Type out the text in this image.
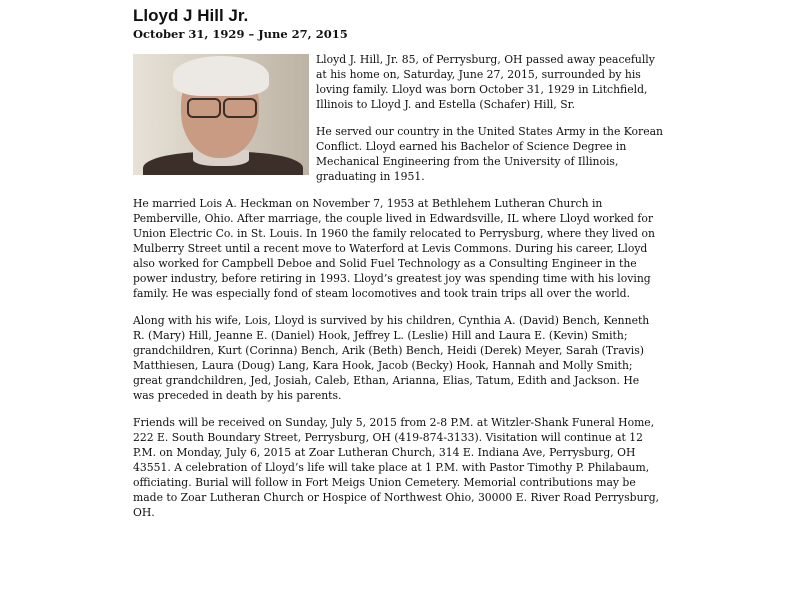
Lloyd J Hill Jr.
October 31, 1929 – June 27, 2015

Lloyd J. Hill, Jr. 85, of Perrysburg, OH passed away peacefully at his home on, Saturday, June 27, 2015, surrounded by his loving family. Lloyd was born October 31, 1929 in Litchfield, Illinois to Lloyd J. and Estella (Schafer) Hill, Sr.

He served our country in the United States Army in the Korean Conflict. Lloyd earned his Bachelor of Science Degree in Mechanical Engineering from the University of Illinois, graduating in 1951.

He married Lois A. Heckman on November 7, 1953 at Bethlehem Lutheran Church in Pemberville, Ohio. After marriage, the couple lived in Edwardsville, IL where Lloyd worked for Union Electric Co. in St. Louis. In 1960 the family relocated to Perrysburg, where they lived on Mulberry Street until a recent move to Waterford at Levis Commons. During his career, Lloyd also worked for Campbell Deboe and Solid Fuel Technology as a Consulting Engineer in the power industry, before retiring in 1993. Lloyd’s greatest joy was spending time with his loving family. He was especially fond of steam locomotives and took train trips all over the world.

Along with his wife, Lois, Lloyd is survived by his children, Cynthia A. (David) Bench, Kenneth R. (Mary) Hill, Jeanne E. (Daniel) Hook, Jeffrey L. (Leslie) Hill and Laura E. (Kevin) Smith; grandchildren, Kurt (Corinna) Bench, Arik (Beth) Bench, Heidi (Derek) Meyer, Sarah (Travis) Matthiesen, Laura (Doug) Lang, Kara Hook, Jacob (Becky) Hook, Hannah and Molly Smith; great grandchildren, Jed, Josiah, Caleb, Ethan, Arianna, Elias, Tatum, Edith and Jackson. He was preceded in death by his parents.

Friends will be received on Sunday, July 5, 2015 from 2-8 P.M. at Witzler-Shank Funeral Home, 222 E. South Boundary Street, Perrysburg, OH (419-874-3133). Visitation will continue at 12 P.M. on Monday, July 6, 2015 at Zoar Lutheran Church, 314 E. Indiana Ave, Perrysburg, OH 43551. A celebration of Lloyd’s life will take place at 1 P.M. with Pastor Timothy P. Philabaum, officiating. Burial will follow in Fort Meigs Union Cemetery. Memorial contributions may be made to Zoar Lutheran Church or Hospice of Northwest Ohio, 30000 E. River Road Perrysburg, OH.
